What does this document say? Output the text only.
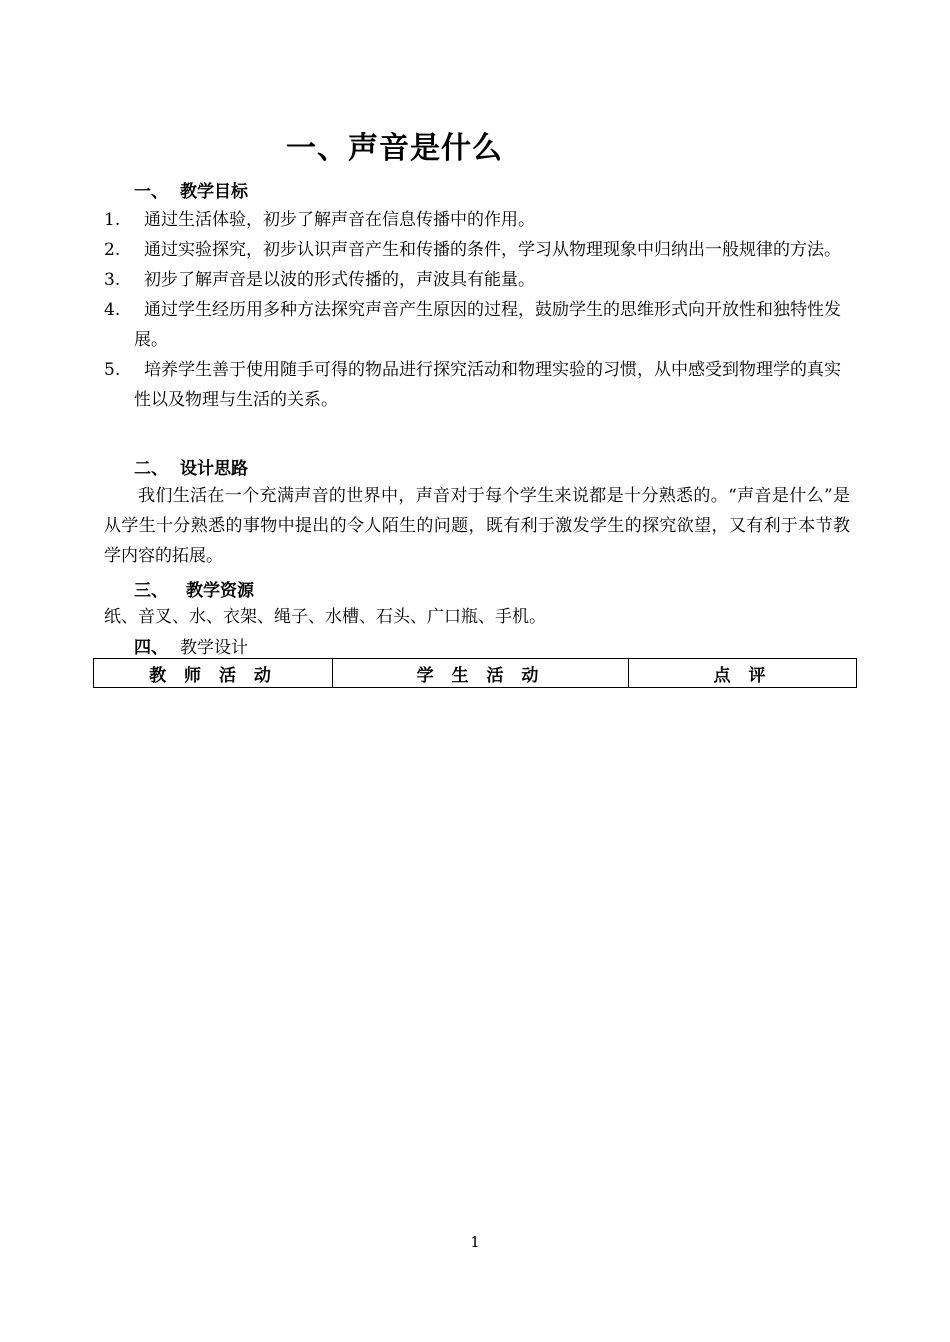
一、声音是什么
一、 教学目标
1.	通过生活体验，初步了解声音在信息传播中的作用。
2.	通过实验探究，初步认识声音产生和传播的条件，学习从物理现象中归纳出一般规律的方法。
3.	初步了解声音是以波的形式传播的，声波具有能量。
4.	通过学生经历用多种方法探究声音产生原因的过程，鼓励学生的思维形式向开放性和独特性发展。
5.	培养学生善于使用随手可得的物品进行探究活动和物理实验的习惯，从中感受到物理学的真实性以及物理与生活的关系。
二、 设计思路
我们生活在一个充满声音的世界中，声音对于每个学生来说都是十分熟悉的。“声音是什么”是从学生十分熟悉的事物中提出的令人陌生的问题，既有利于激发学生的探究欲望，又有利于本节教学内容的拓展。
三、 教学资源
纸、音叉、水、衣架、绳子、水槽、石头、广口瓶、手机。
四、 教学设计
教 师 活 动	学 生 活 动	点 评
1
